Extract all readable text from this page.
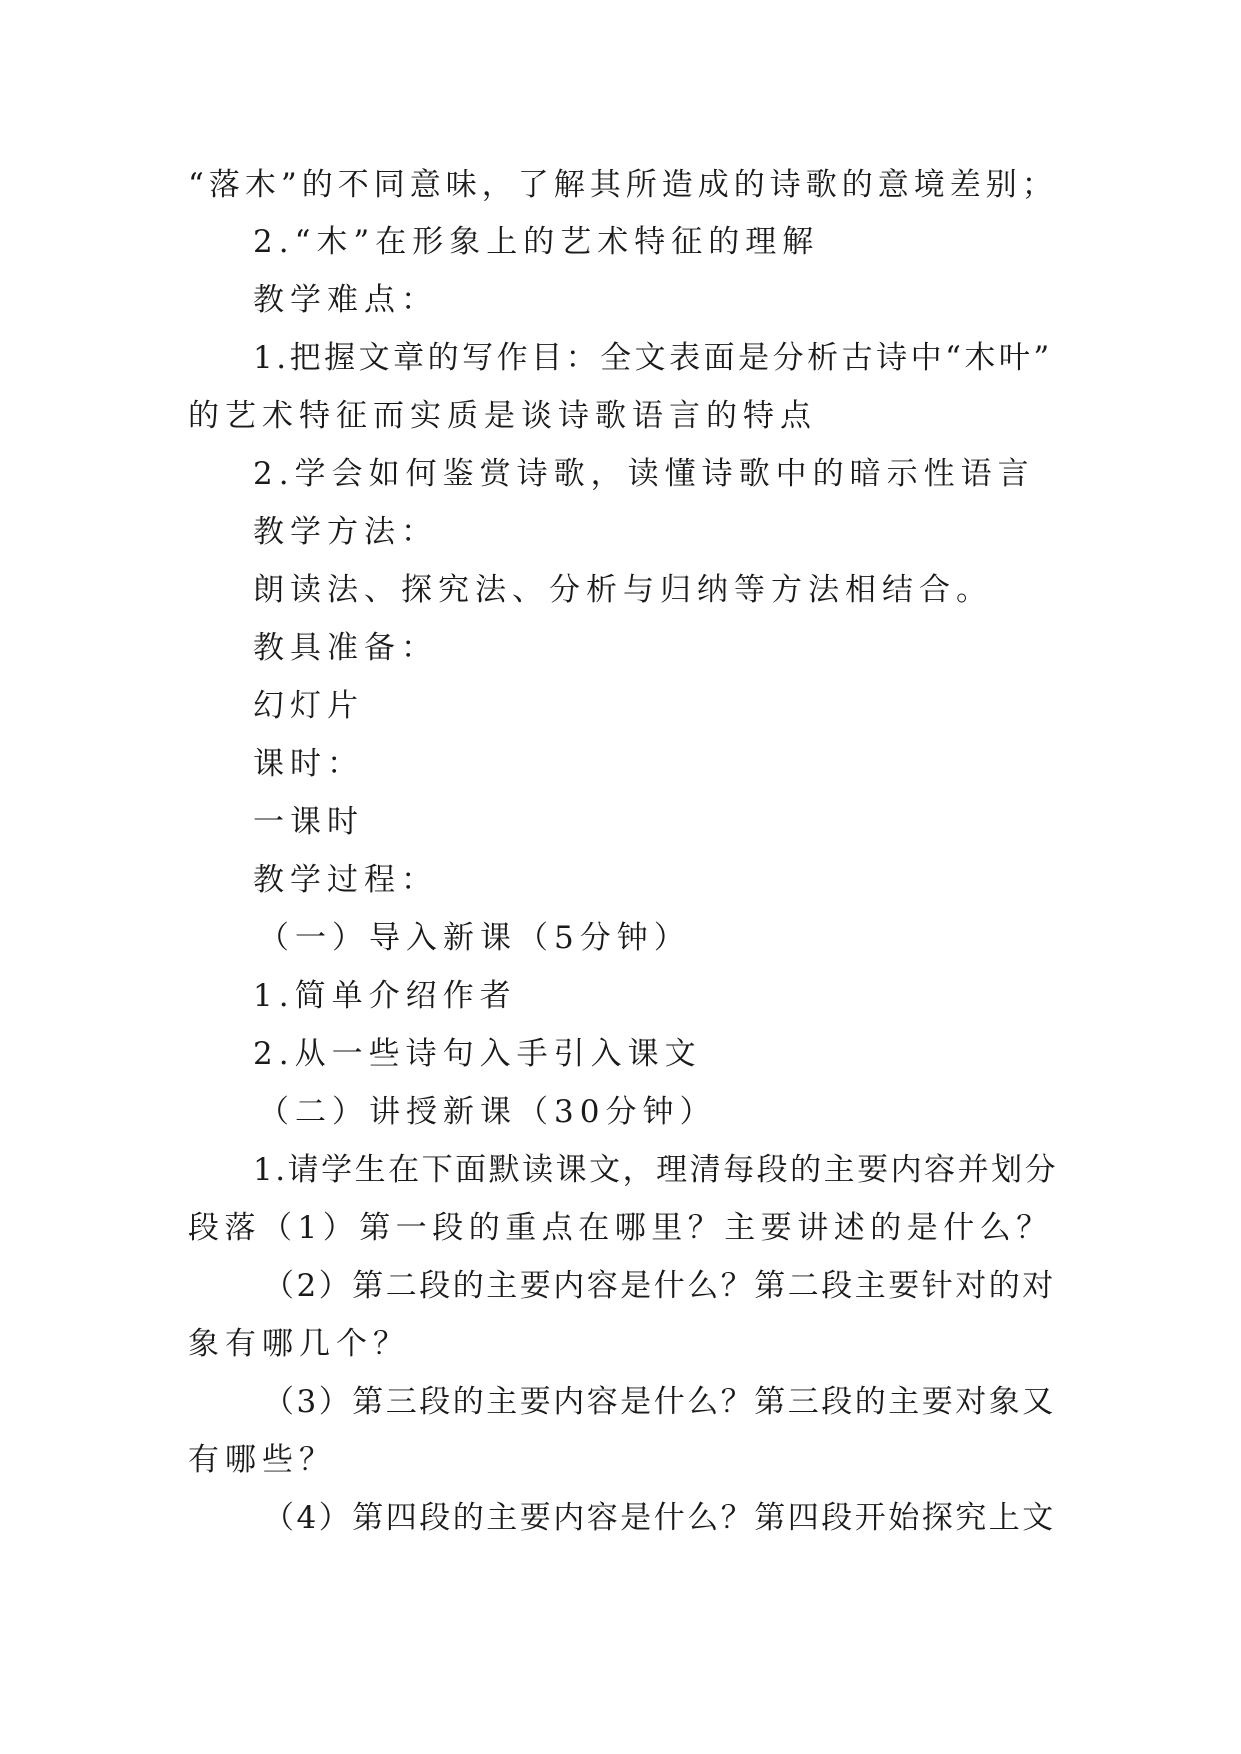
“落木”的不同意味，了解其所造成的诗歌的意境差别；
2.“木”在形象上的艺术特征的理解
教学难点：
1.把握文章的写作目：全文表面是分析古诗中“木叶”
的艺术特征而实质是谈诗歌语言的特点
2.学会如何鉴赏诗歌，读懂诗歌中的暗示性语言
教学方法：
朗读法、探究法、分析与归纳等方法相结合。
教具准备：
幻灯片
课时：
一课时
教学过程：
（一）导入新课（5分钟）
1.简单介绍作者
2.从一些诗句入手引入课文
（二）讲授新课（30分钟）
1.请学生在下面默读课文，理清每段的主要内容并划分
段落（1）第一段的重点在哪里？主要讲述的是什么？
（2）第二段的主要内容是什么？第二段主要针对的对
象有哪几个？
（3）第三段的主要内容是什么？第三段的主要对象又
有哪些？
（4）第四段的主要内容是什么？第四段开始探究上文
